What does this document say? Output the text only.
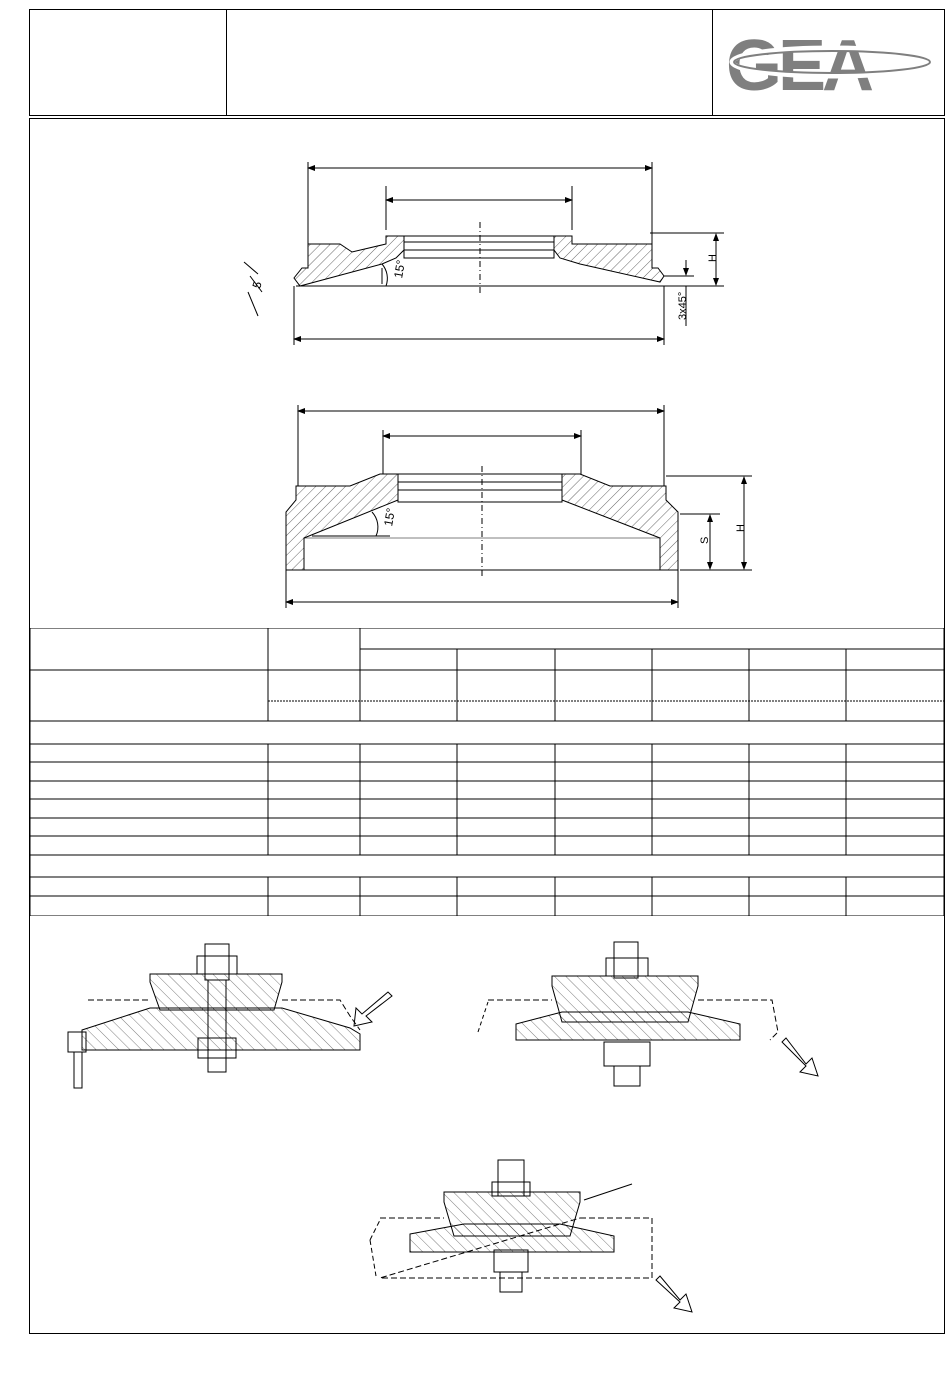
GEA
H
5
15°
3x45°
H
S
15°
